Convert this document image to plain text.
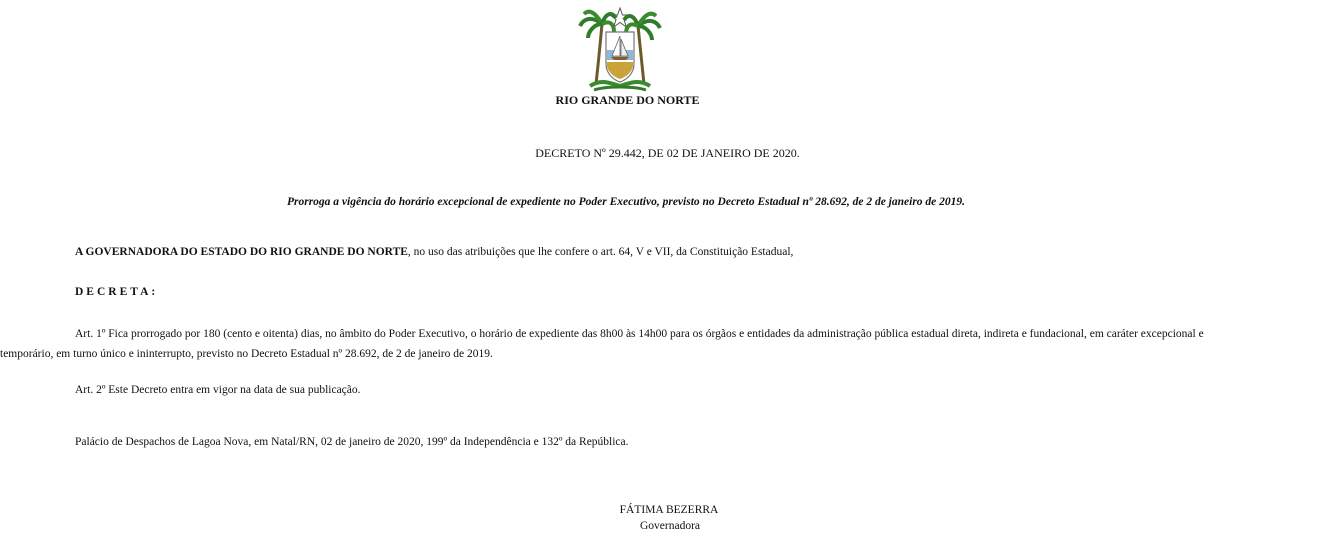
RIO GRANDE DO NORTE
DECRETO Nº 29.442, DE 02 DE JANEIRO DE 2020.
Prorroga a vigência do horário excepcional de expediente no Poder Executivo, previsto no Decreto Estadual nº 28.692, de 2 de janeiro de 2019.
A GOVERNADORA DO ESTADO DO RIO GRANDE DO NORTE, no uso das atribuições que lhe confere o art. 64, V e VII, da Constituição Estadual,
DECRETA:
Art. 1º Fica prorrogado por 180 (cento e oitenta) dias, no âmbito do Poder Executivo, o horário de expediente das 8h00 às 14h00 para os órgãos e entidades da administração pública estadual direta, indireta e fundacional, em caráter excepcional e
temporário, em turno único e ininterrupto, previsto no Decreto Estadual nº 28.692, de 2 de janeiro de 2019.
Art. 2º Este Decreto entra em vigor na data de sua publicação.
Palácio de Despachos de Lagoa Nova, em Natal/RN, 02 de janeiro de 2020, 199º da Independência e 132º da República.
FÁTIMA BEZERRA
Governadora
